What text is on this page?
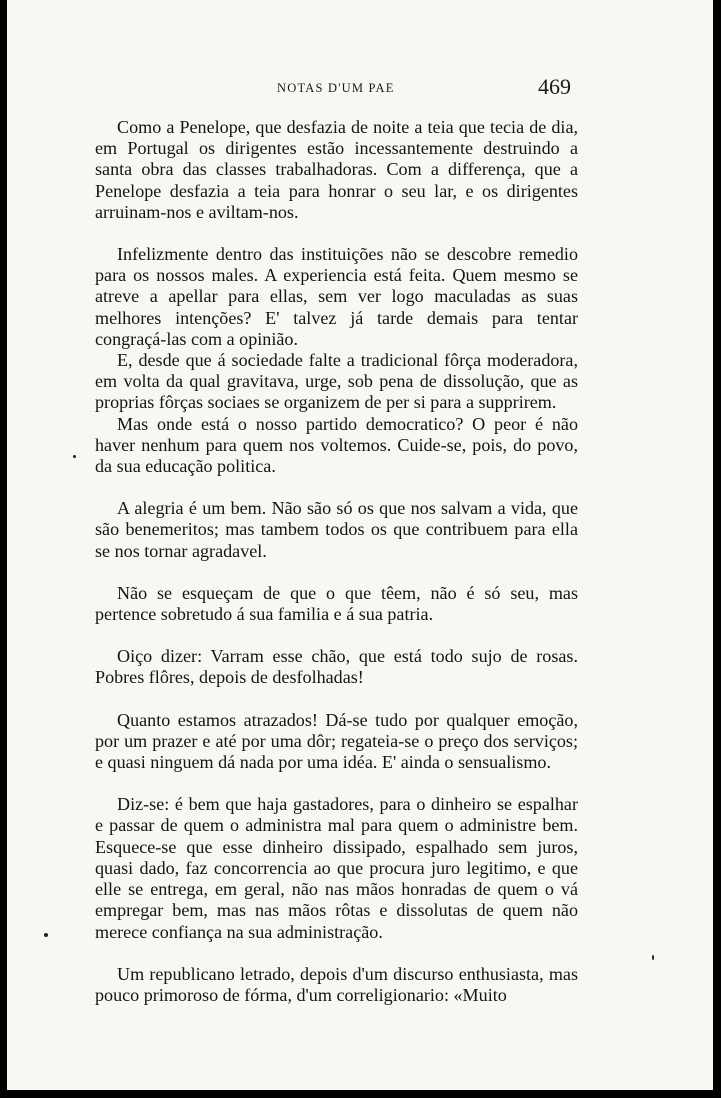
NOTAS D'UM PAE	469

Como a Penelope, que desfazia de noite a teia que tecia de dia, em Portugal os dirigentes estão incessantemente destruindo a santa obra das classes trabalhadoras. Com a differença, que a Penelope desfazia a teia para honrar o seu lar, e os dirigentes arruinam-nos e aviltam-nos.

Infelizmente dentro das instituições não se descobre remedio para os nossos males. A experiencia está feita. Quem mesmo se atreve a apellar para ellas, sem ver logo maculadas as suas melhores intenções? E' talvez já tarde demais para tentar congraçá-las com a opinião.

E, desde que á sociedade falte a tradicional fôrça moderadora, em volta da qual gravitava, urge, sob pena de dissolução, que as proprias fôrças sociaes se organizem de per si para a supprirem.

Mas onde está o nosso partido democratico? O peor é não haver nenhum para quem nos voltemos. Cuide-se, pois, do povo, da sua educação politica.

A alegria é um bem. Não são só os que nos salvam a vida, que são benemeritos; mas tambem todos os que contribuem para ella se nos tornar agradavel.

Não se esqueçam de que o que têem, não é só seu, mas pertence sobretudo á sua familia e á sua patria.

Oiço dizer: Varram esse chão, que está todo sujo de rosas. Pobres flôres, depois de desfolhadas!

Quanto estamos atrazados! Dá-se tudo por qualquer emoção, por um prazer e até por uma dôr; regateia-se o preço dos serviços; e quasi ninguem dá nada por uma idéa. E' ainda o sensualismo.

Diz-se: é bem que haja gastadores, para o dinheiro se espalhar e passar de quem o administra mal para quem o administre bem. Esquece-se que esse dinheiro dissipado, espalhado sem juros, quasi dado, faz concorrencia ao que procura juro legitimo, e que elle se entrega, em geral, não nas mãos honradas de quem o vá empregar bem, mas nas mãos rôtas e dissolutas de quem não merece confiança na sua administração.

Um republicano letrado, depois d'um discurso enthusiasta, mas pouco primoroso de fórma, d'um correligionario: «Muito
